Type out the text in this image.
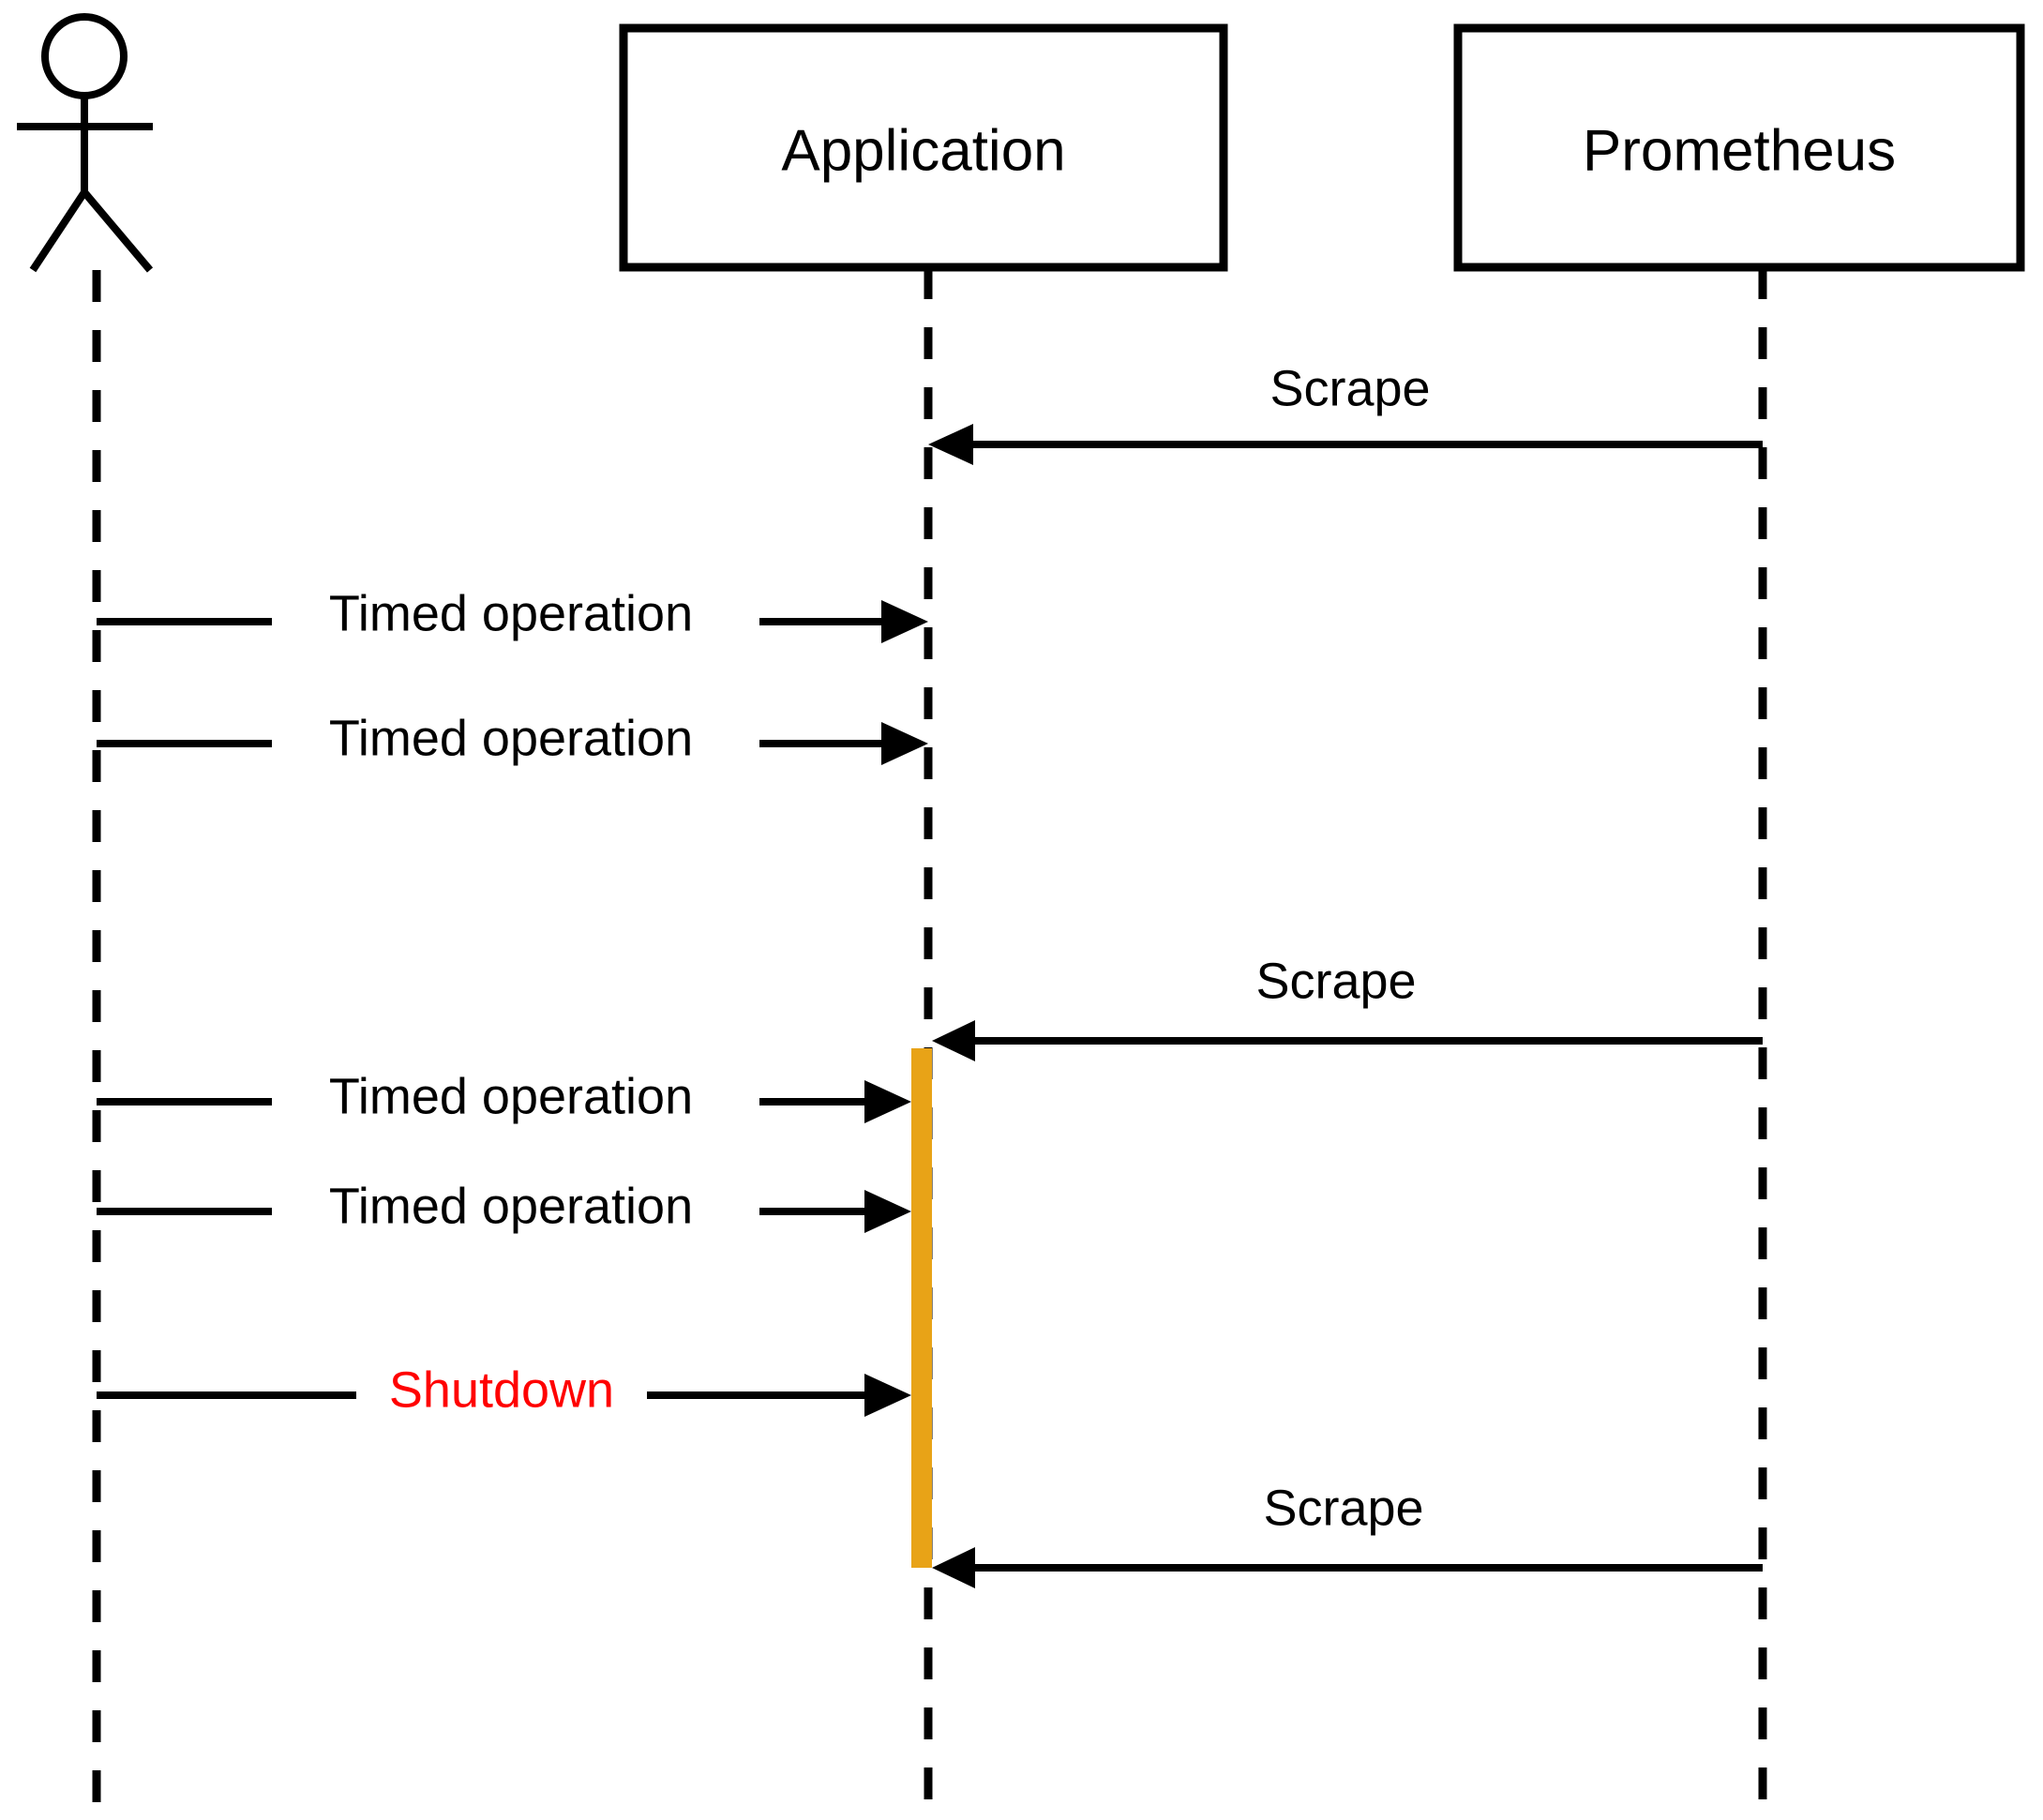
Application	Prometheus
Scrape
Timed operation
Timed operation
Scrape
Timed operation
Timed operation
Shutdown
Scrape
